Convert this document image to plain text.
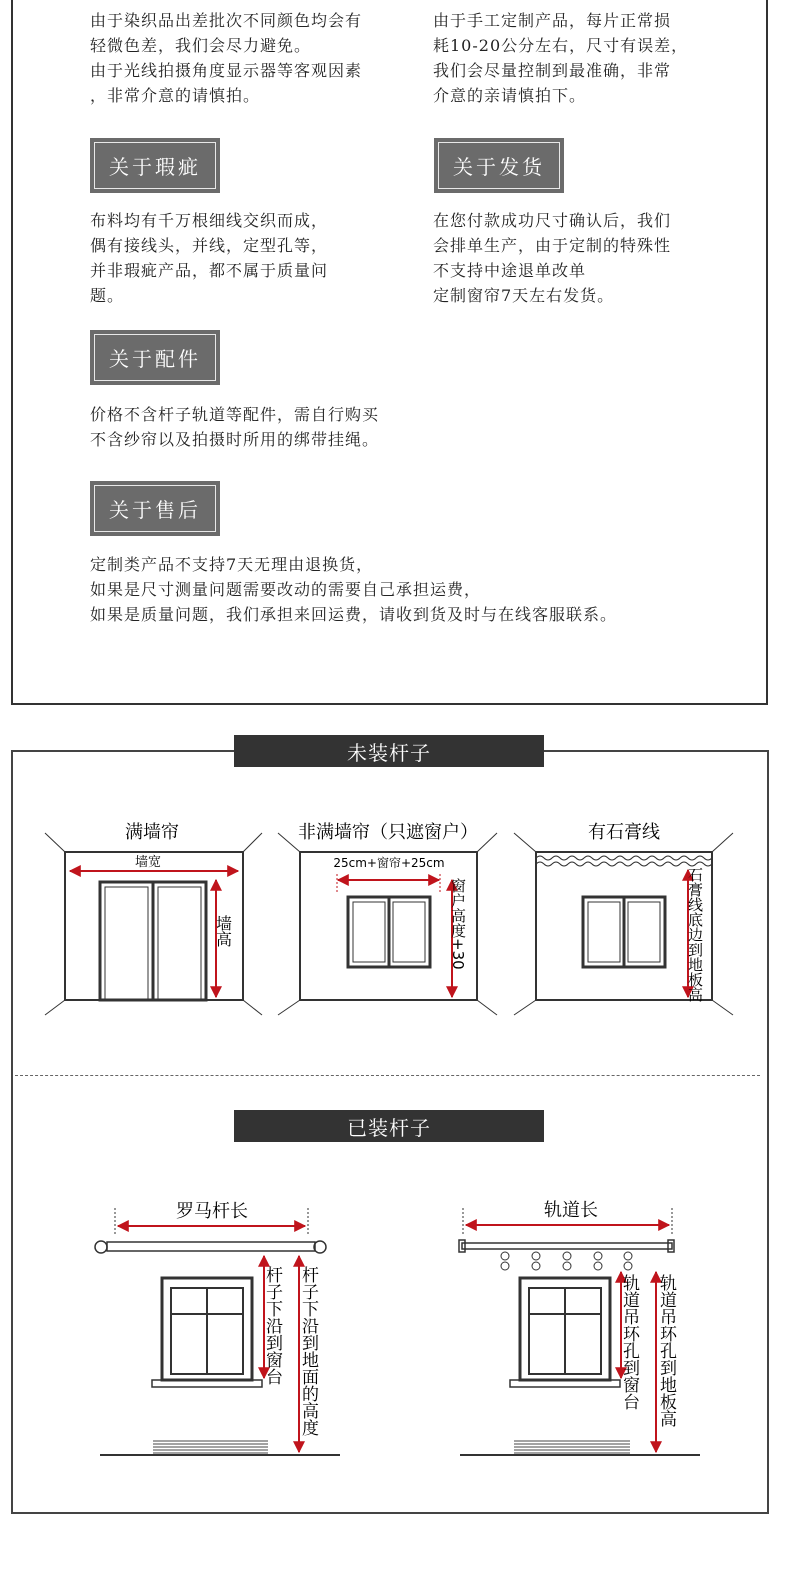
由于染织品出差批次不同颜色均会有
轻微色差，我们会尽力避免。
由于光线拍摄角度显示器等客观因素
，非常介意的请慎拍。
由于手工定制产品，每片正常损
耗10-20公分左右，尺寸有误差，
我们会尽量控制到最准确，非常
介意的亲请慎拍下。
关于瑕疵	关于发货
布料均有千万根细线交织而成，
偶有接线头，并线，定型孔等，
并非瑕疵产品，都不属于质量问
题。
在您付款成功尺寸确认后，我们
会排单生产，由于定制的特殊性
不支持中途退单改单
定制窗帘7天左右发货。
关于配件
价格不含杆子轨道等配件，需自行购买
不含纱帘以及拍摄时所用的绑带挂绳。
关于售后
定制类产品不支持7天无理由退换货，
如果是尺寸测量问题需要改动的需要自己承担运费，
如果是质量问题，我们承担来回运费，请收到货及时与在线客服联系。
未装杆子
已装杆子
满墙帘
墙宽
墙高
非满墙帘（只遮窗户）
25cm+窗帘+25cm
窗户高度+30
有石膏线
石膏线底边到地板高
罗马杆长
杆子下沿到窗台 杆子下沿到地面的高度
轨道长
轨道吊环孔到窗台 轨道吊环孔到地板高
